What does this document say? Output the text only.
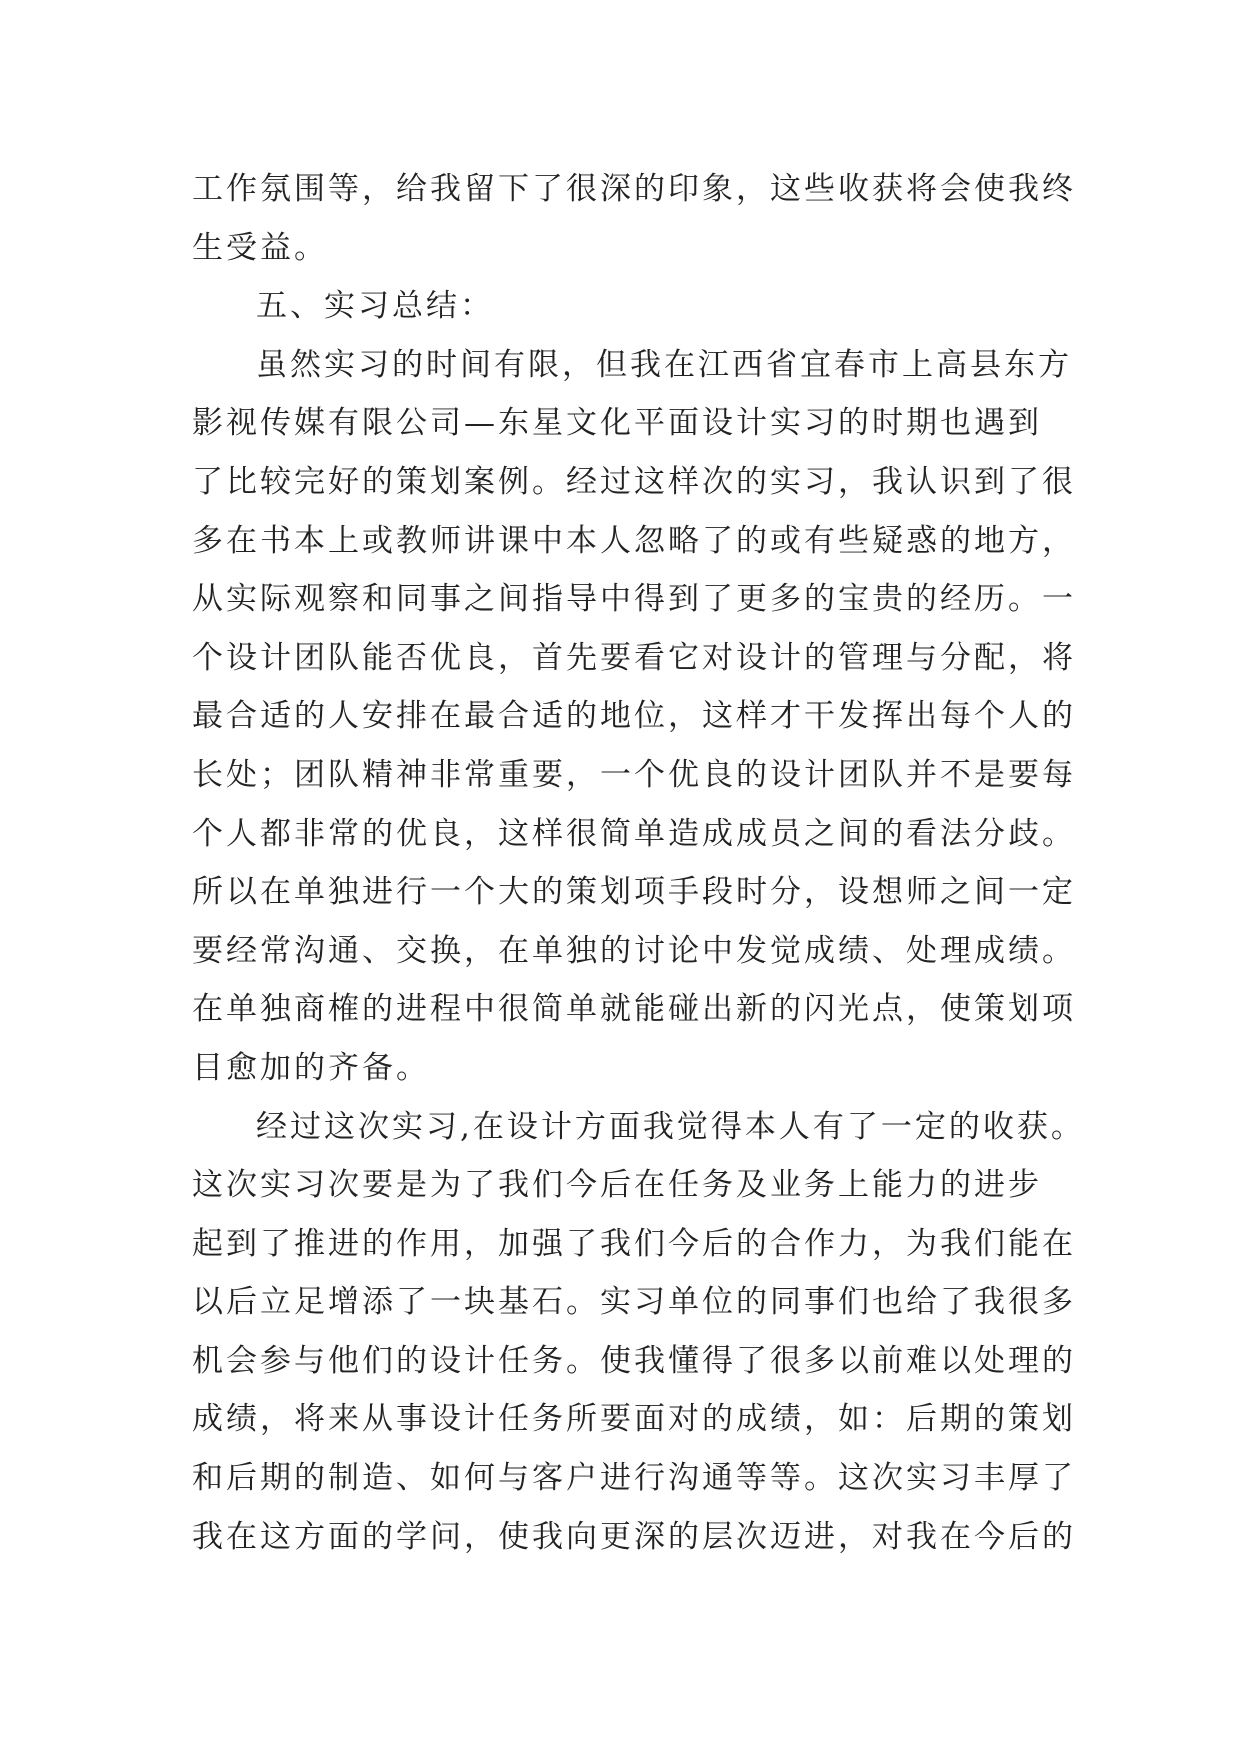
工作氛围等，给我留下了很深的印象，这些收获将会使我终
生受益。
五、实习总结：
虽然实习的时间有限，但我在江西省宜春市上高县东方
影视传媒有限公司—东星文化平面设计实习的时期也遇到
了比较完好的策划案例。经过这样次的实习，我认识到了很
多在书本上或教师讲课中本人忽略了的或有些疑惑的地方，
从实际观察和同事之间指导中得到了更多的宝贵的经历。一
个设计团队能否优良，首先要看它对设计的管理与分配，将
最合适的人安排在最合适的地位，这样才干发挥出每个人的
长处；团队精神非常重要，一个优良的设计团队并不是要每
个人都非常的优良，这样很简单造成成员之间的看法分歧。
所以在单独进行一个大的策划项手段时分，设想师之间一定
要经常沟通、交换，在单独的讨论中发觉成绩、处理成绩。
在单独商榷的进程中很简单就能碰出新的闪光点，使策划项
目愈加的齐备。
经过这次实习,在设计方面我觉得本人有了一定的收获。
这次实习次要是为了我们今后在任务及业务上能力的进步
起到了推进的作用，加强了我们今后的合作力，为我们能在
以后立足增添了一块基石。实习单位的同事们也给了我很多
机会参与他们的设计任务。使我懂得了很多以前难以处理的
成绩，将来从事设计任务所要面对的成绩，如：后期的策划
和后期的制造、如何与客户进行沟通等等。这次实习丰厚了
我在这方面的学问，使我向更深的层次迈进，对我在今后的
